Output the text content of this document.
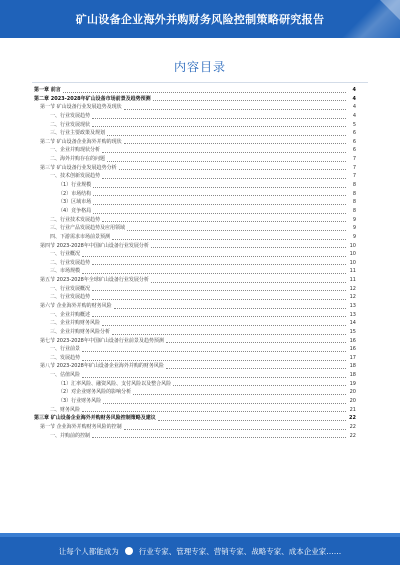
矿山设备企业海外并购财务风险控制策略研究报告
内容目录
第一章 前言	4
第二章 2023-2028年矿山设备市场前景及趋势预测	4
第一节 矿山设备行业发展趋势及现状	4
一、行业发展趋势	4
二、行业发展现状	5
三、行业主要政策及规划	6
第二节 矿山设备企业海外并购的现状	6
一、企业并购现状分析	6
二、海外并购存在的问题	7
第三节 矿山设备行业发展趋势分析	7
一、技术创新发展趋势	7
（1）行业规模	8
（2）市场结构	8
（3）区域市场	8
（4）竞争格局	8
二、行业技术发展趋势	9
三、行业产品发展趋势及应用领域	9
四、下游需求市场前景预测	9
第四节 2023-2028年中国矿山设备行业发展分析	10
一、行业概况	10
二、行业发展趋势	10
三、市场规模	11
第五节 2023-2028年全球矿山设备行业发展分析	11
一、行业发展概况	12
二、行业发展趋势	12
第六节 企业海外并购的财务风险	13
一、企业并购概述	13
二、企业并购财务风险	14
三、企业并购财务风险分析	15
第七节 2023-2028年中国矿山设备行业前景及趋势预测	16
一、行业前景	16
二、发展趋势	17
第八节 2023-2028年矿山设备企业海外并购的财务风险	18
一、估值风险	18
（1）汇率风险、融资风险、支付风险以及整合风险	19
（2）对企业财务风险的影响分析	20
（3）行业财务风险	20
二、财务风险	21
第三章 矿山设备企业海外并购财务风险控制策略及建议	22
第一节 企业海外并购财务风险的控制	22
一、并购前的控制	22
让每个人都能成为	行业专家、管理专家、营销专家、战略专家、成本企业家……
